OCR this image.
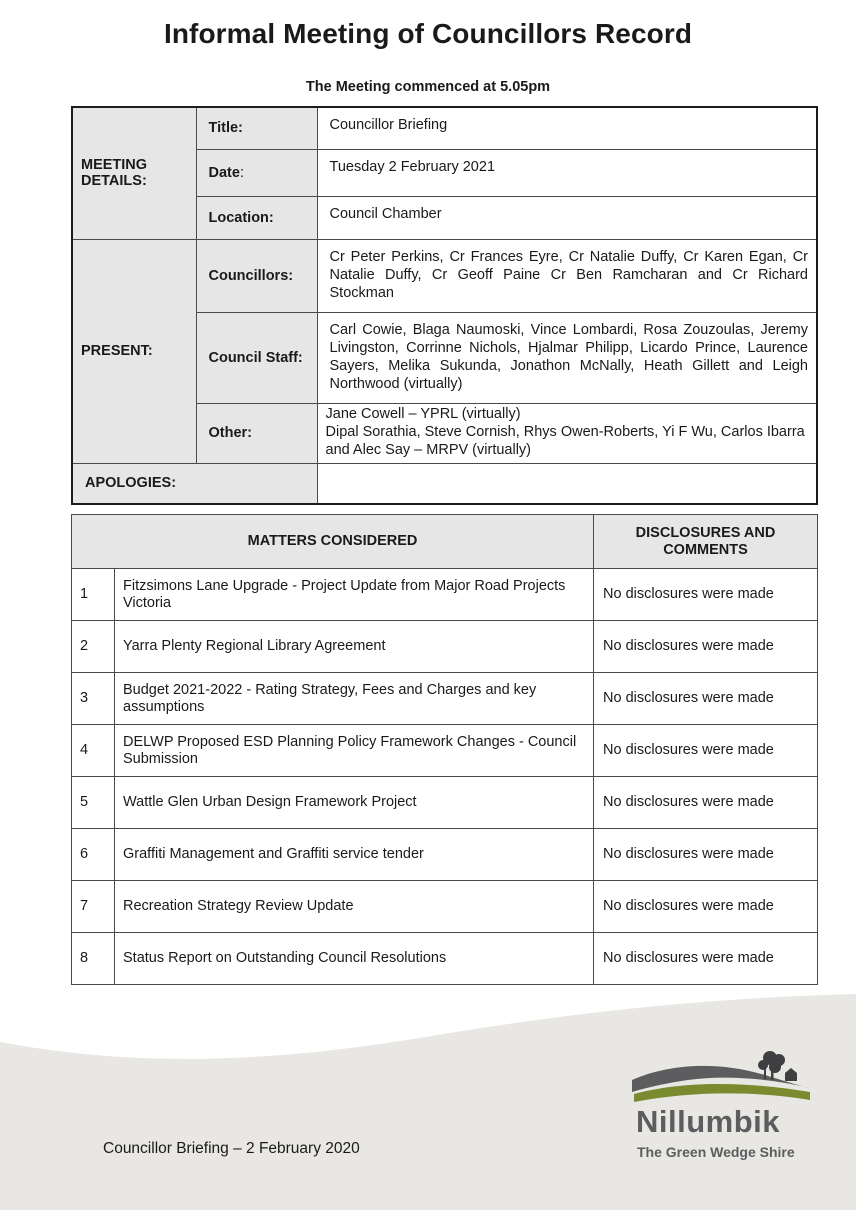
Informal Meeting of Councillors Record
The Meeting commenced at 5.05pm
MEETING DETAILS:	Title:	Councillor Briefing
	Date:	Tuesday 2 February 2021
	Location:	Council Chamber
PRESENT:	Councillors:	Cr Peter Perkins, Cr Frances Eyre, Cr Natalie Duffy, Cr Karen Egan, Cr Natalie Duffy, Cr Geoff Paine Cr Ben Ramcharan and Cr Richard Stockman
	Council Staff:	Carl Cowie, Blaga Naumoski, Vince Lombardi, Rosa Zouzoulas, Jeremy Livingston, Corrinne Nichols, Hjalmar Philipp, Licardo Prince, Laurence Sayers, Melika Sukunda, Jonathon McNally, Heath Gillett and Leigh Northwood (virtually)
	Other:	Jane Cowell – YPRL (virtually)
Dipal Sorathia, Steve Cornish, Rhys Owen-Roberts, Yi F Wu, Carlos Ibarra and Alec Say – MRPV (virtually)

APOLOGIES:		
MATTERS CONSIDERED		DISCLOSURES AND COMMENTS
1	Fitzsimons Lane Upgrade - Project Update from Major Road Projects Victoria	No disclosures were made
2	Yarra Plenty Regional Library Agreement	No disclosures were made
3	Budget 2021-2022 - Rating Strategy, Fees and Charges and key assumptions	No disclosures were made
4	DELWP Proposed ESD Planning Policy Framework Changes - Council Submission	No disclosures were made
5	Wattle Glen Urban Design Framework Project	No disclosures were made
6	Graffiti Management and Graffiti service tender	No disclosures were made
7	Recreation Strategy Review Update	No disclosures were made
8	Status Report on Outstanding Council Resolutions	No disclosures were made
Councillor Briefing – 2 February 2020
Nillumbik
The Green Wedge Shire
